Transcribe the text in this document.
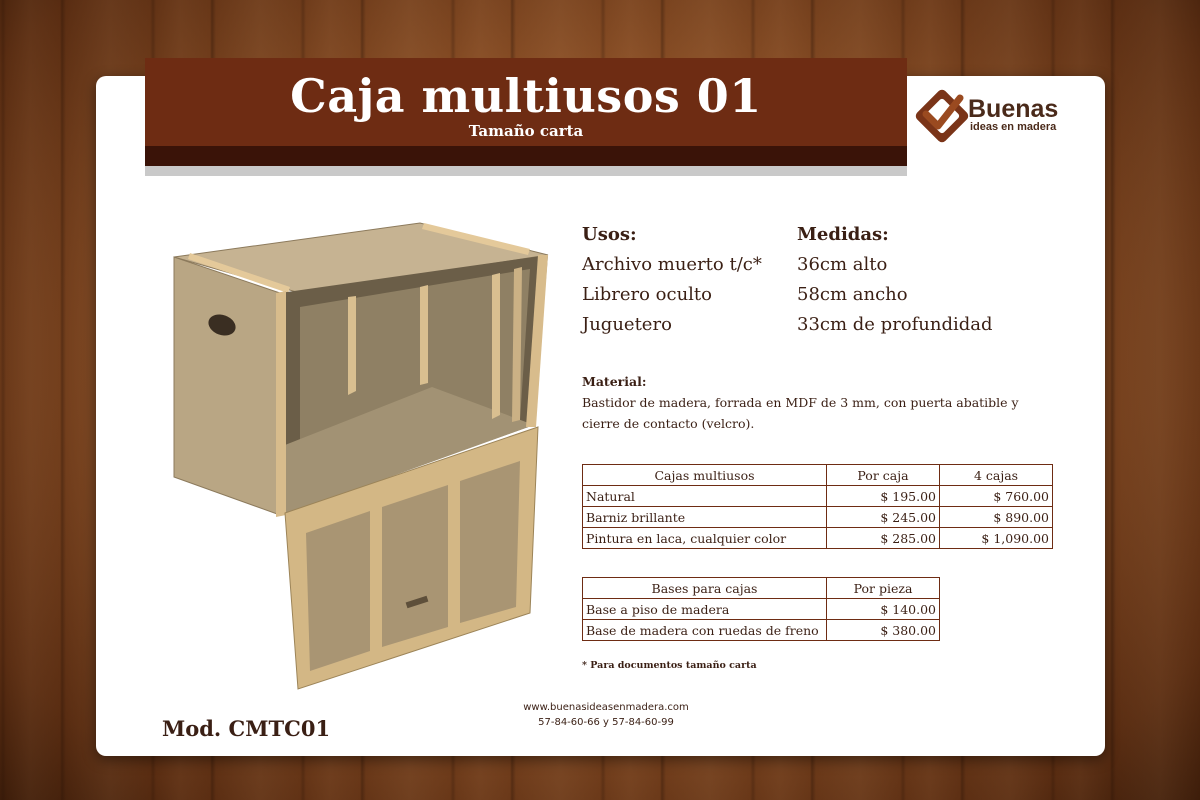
Caja multiusos 01
Tamaño carta
Buenas
ideas en madera
Usos:
Archivo muerto t/c*
Librero oculto
Juguetero
Medidas:
36cm alto
58cm ancho
33cm de profundidad
Material:
Bastidor de madera, forrada en MDF de 3 mm, con puerta abatible y cierre de contacto (velcro).
Cajas multiusos	Por caja	4 cajas
Natural	$ 195.00	$ 760.00
Barniz brillante	$ 245.00	$ 890.00
Pintura en laca, cualquier color	$ 285.00	$ 1,090.00
Bases para cajas	Por pieza
Base a piso de madera	$ 140.00
Base de madera con ruedas de freno	$ 380.00
* Para documentos tamaño carta
www.buenasideasenmadera.com
57-84-60-66 y 57-84-60-99
Mod. CMTC01
